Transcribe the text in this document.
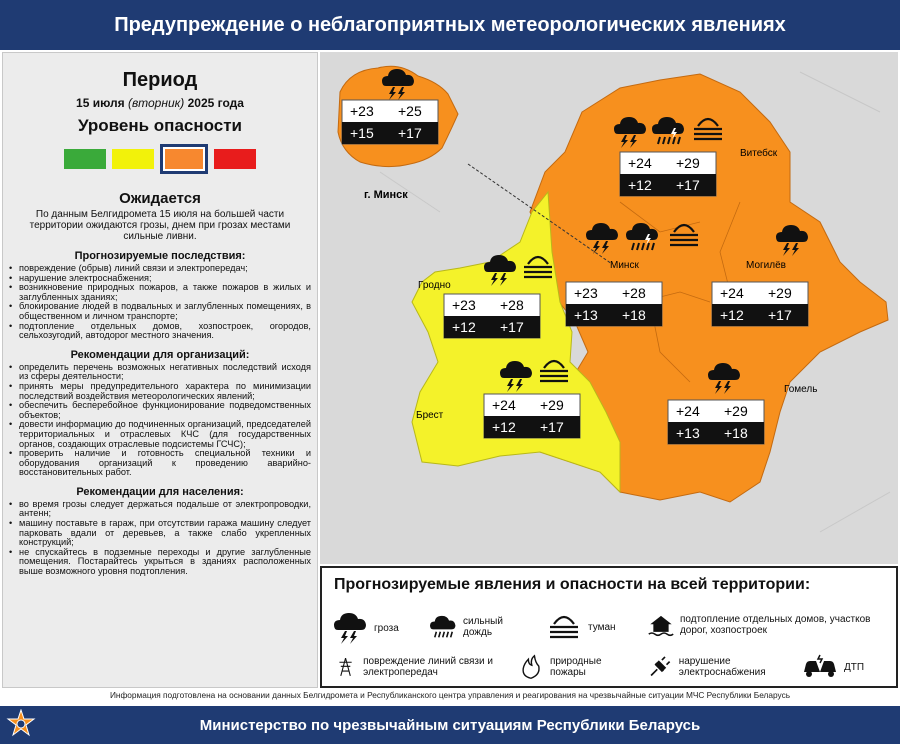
Предупреждение о неблагоприятных метеорологических явлениях
Период
15 июля (вторник) 2025 года
Уровень опасности
Ожидается
По данным Белгидромета 15 июля на большей части территории ожидаются грозы, днем при грозах местами сильные ливни.
Прогнозируемые последствия:
• повреждение (обрыв) линий связи и электропередач;
• нарушение электроснабжения;
• возникновение природных пожаров, а также пожаров в жилых и заглубленных зданиях;
• блокирование людей в подвальных и заглубленных помещениях, в общественном и личном транспорте;
• подтопление отдельных домов, хозпостроек, огородов, сельхозугодий, автодорог местного значения.
Рекомендации для организаций:
• определить перечень возможных негативных последствий исходя из сферы деятельности;
• принять меры предупредительного характера по минимизации последствий воздействия метеорологических явлений;
• обеспечить бесперебойное функционирование подведомственных объектов;
• довести информацию до подчиненных организаций, председателей территориальных и отраслевых КЧС (для государственных органов, создающих отраслевые подсистемы ГСЧС);
• проверить наличие и готовность специальной техники и оборудования организаций к проведению аварийно-восстановительных работ.
Рекомендации для населения:
• во время грозы следует держаться подальше от электропроводки, антенн;
• машину поставьте в гараж, при отсутствии гаража машину следует парковать вдали от деревьев, а также слабо укрепленных конструкций;
• не спускайтесь в подземные переходы и другие заглубленные помещения. Постарайтесь укрыться в зданиях расположенных выше возможного уровня подтопления.
г. Минск
Витебск
Минск	Могилёв
Гродно
Брест
Гомель
+23 +25
+15 +17
+24 +29
+12 +17
+23 +28
+12 +17
+23 +28
+13 +18
+24 +29
+12 +17
+24 +29
+12 +17
+24 +29
+13 +18
Прогнозируемые явления и опасности на всей территории:
гроза
сильный дождь	туман
подтопление отдельных домов, участков дорог, хозпостроек
повреждение линий связи и электропередач
природные пожары
нарушение электроснабжения	ДТП
Информация подготовлена на основании данных Белгидромета и Республиканского центра управления и реагирования на чрезвычайные ситуации МЧС Республики Беларусь
Министерство по чрезвычайным ситуациям Республики Беларусь
